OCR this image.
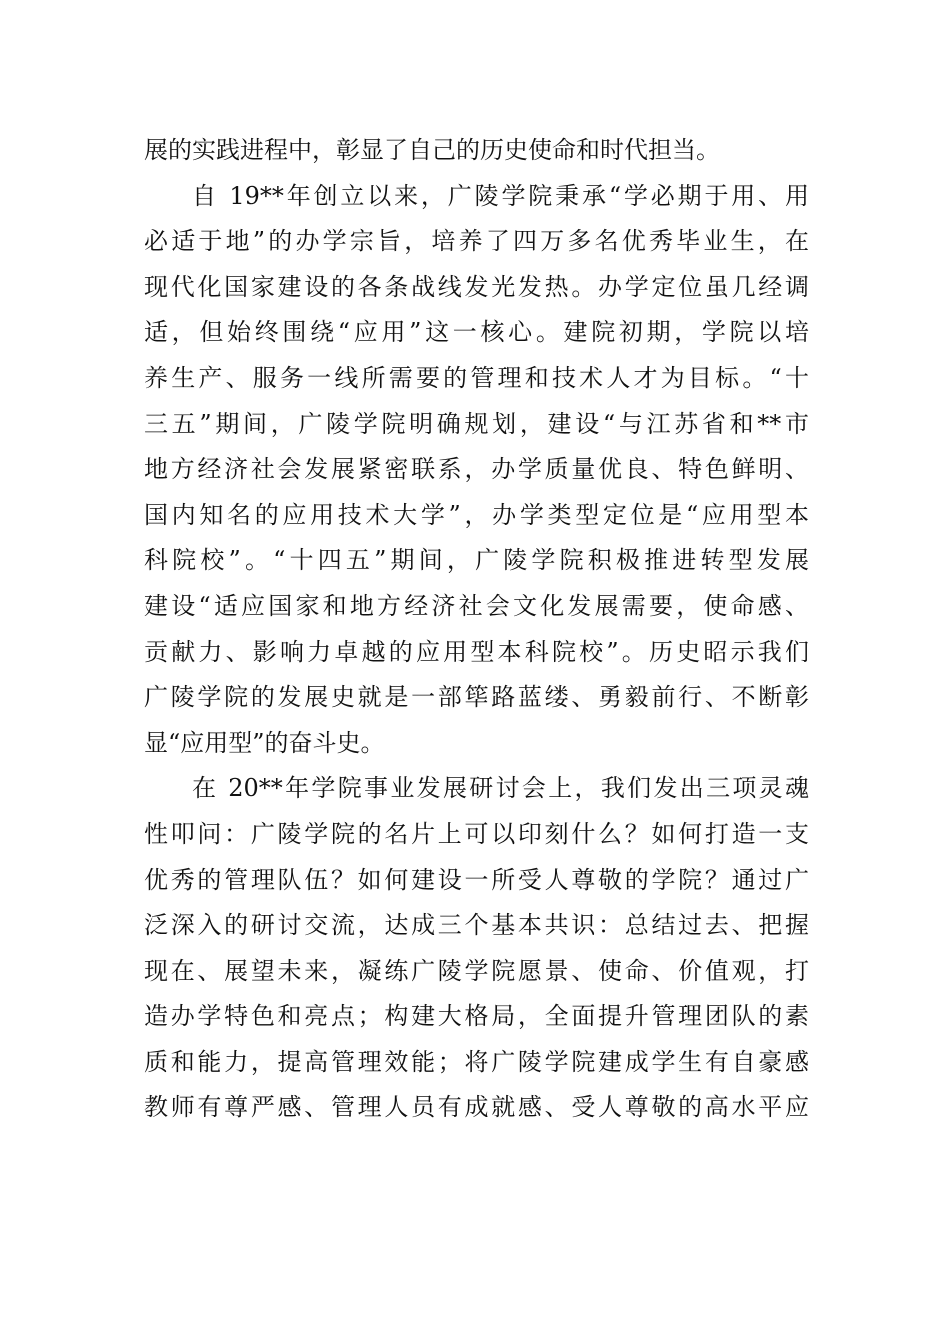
展的实践进程中，彰显了自己的历史使命和时代担当。
自 19**年创立以来，广陵学院秉承“学必期于用、用
必适于地”的办学宗旨，培养了四万多名优秀毕业生，在
现代化国家建设的各条战线发光发热。办学定位虽几经调
适，但始终围绕“应用”这一核心。建院初期，学院以培
养生产、服务一线所需要的管理和技术人才为目标。“十
三五”期间，广陵学院明确规划，建设“与江苏省和**市
地方经济社会发展紧密联系，办学质量优良、特色鲜明、
国内知名的应用技术大学”，办学类型定位是“应用型本
科院校”。“十四五”期间，广陵学院积极推进转型发展
建设“适应国家和地方经济社会文化发展需要，使命感、
贡献力、影响力卓越的应用型本科院校”。历史昭示我们
广陵学院的发展史就是一部筚路蓝缕、勇毅前行、不断彰
显“应用型”的奋斗史。
在 20**年学院事业发展研讨会上，我们发出三项灵魂
性叩问：广陵学院的名片上可以印刻什么？如何打造一支
优秀的管理队伍？如何建设一所受人尊敬的学院？通过广
泛深入的研讨交流，达成三个基本共识：总结过去、把握
现在、展望未来，凝练广陵学院愿景、使命、价值观，打
造办学特色和亮点；构建大格局，全面提升管理团队的素
质和能力，提高管理效能；将广陵学院建成学生有自豪感
教师有尊严感、管理人员有成就感、受人尊敬的高水平应
